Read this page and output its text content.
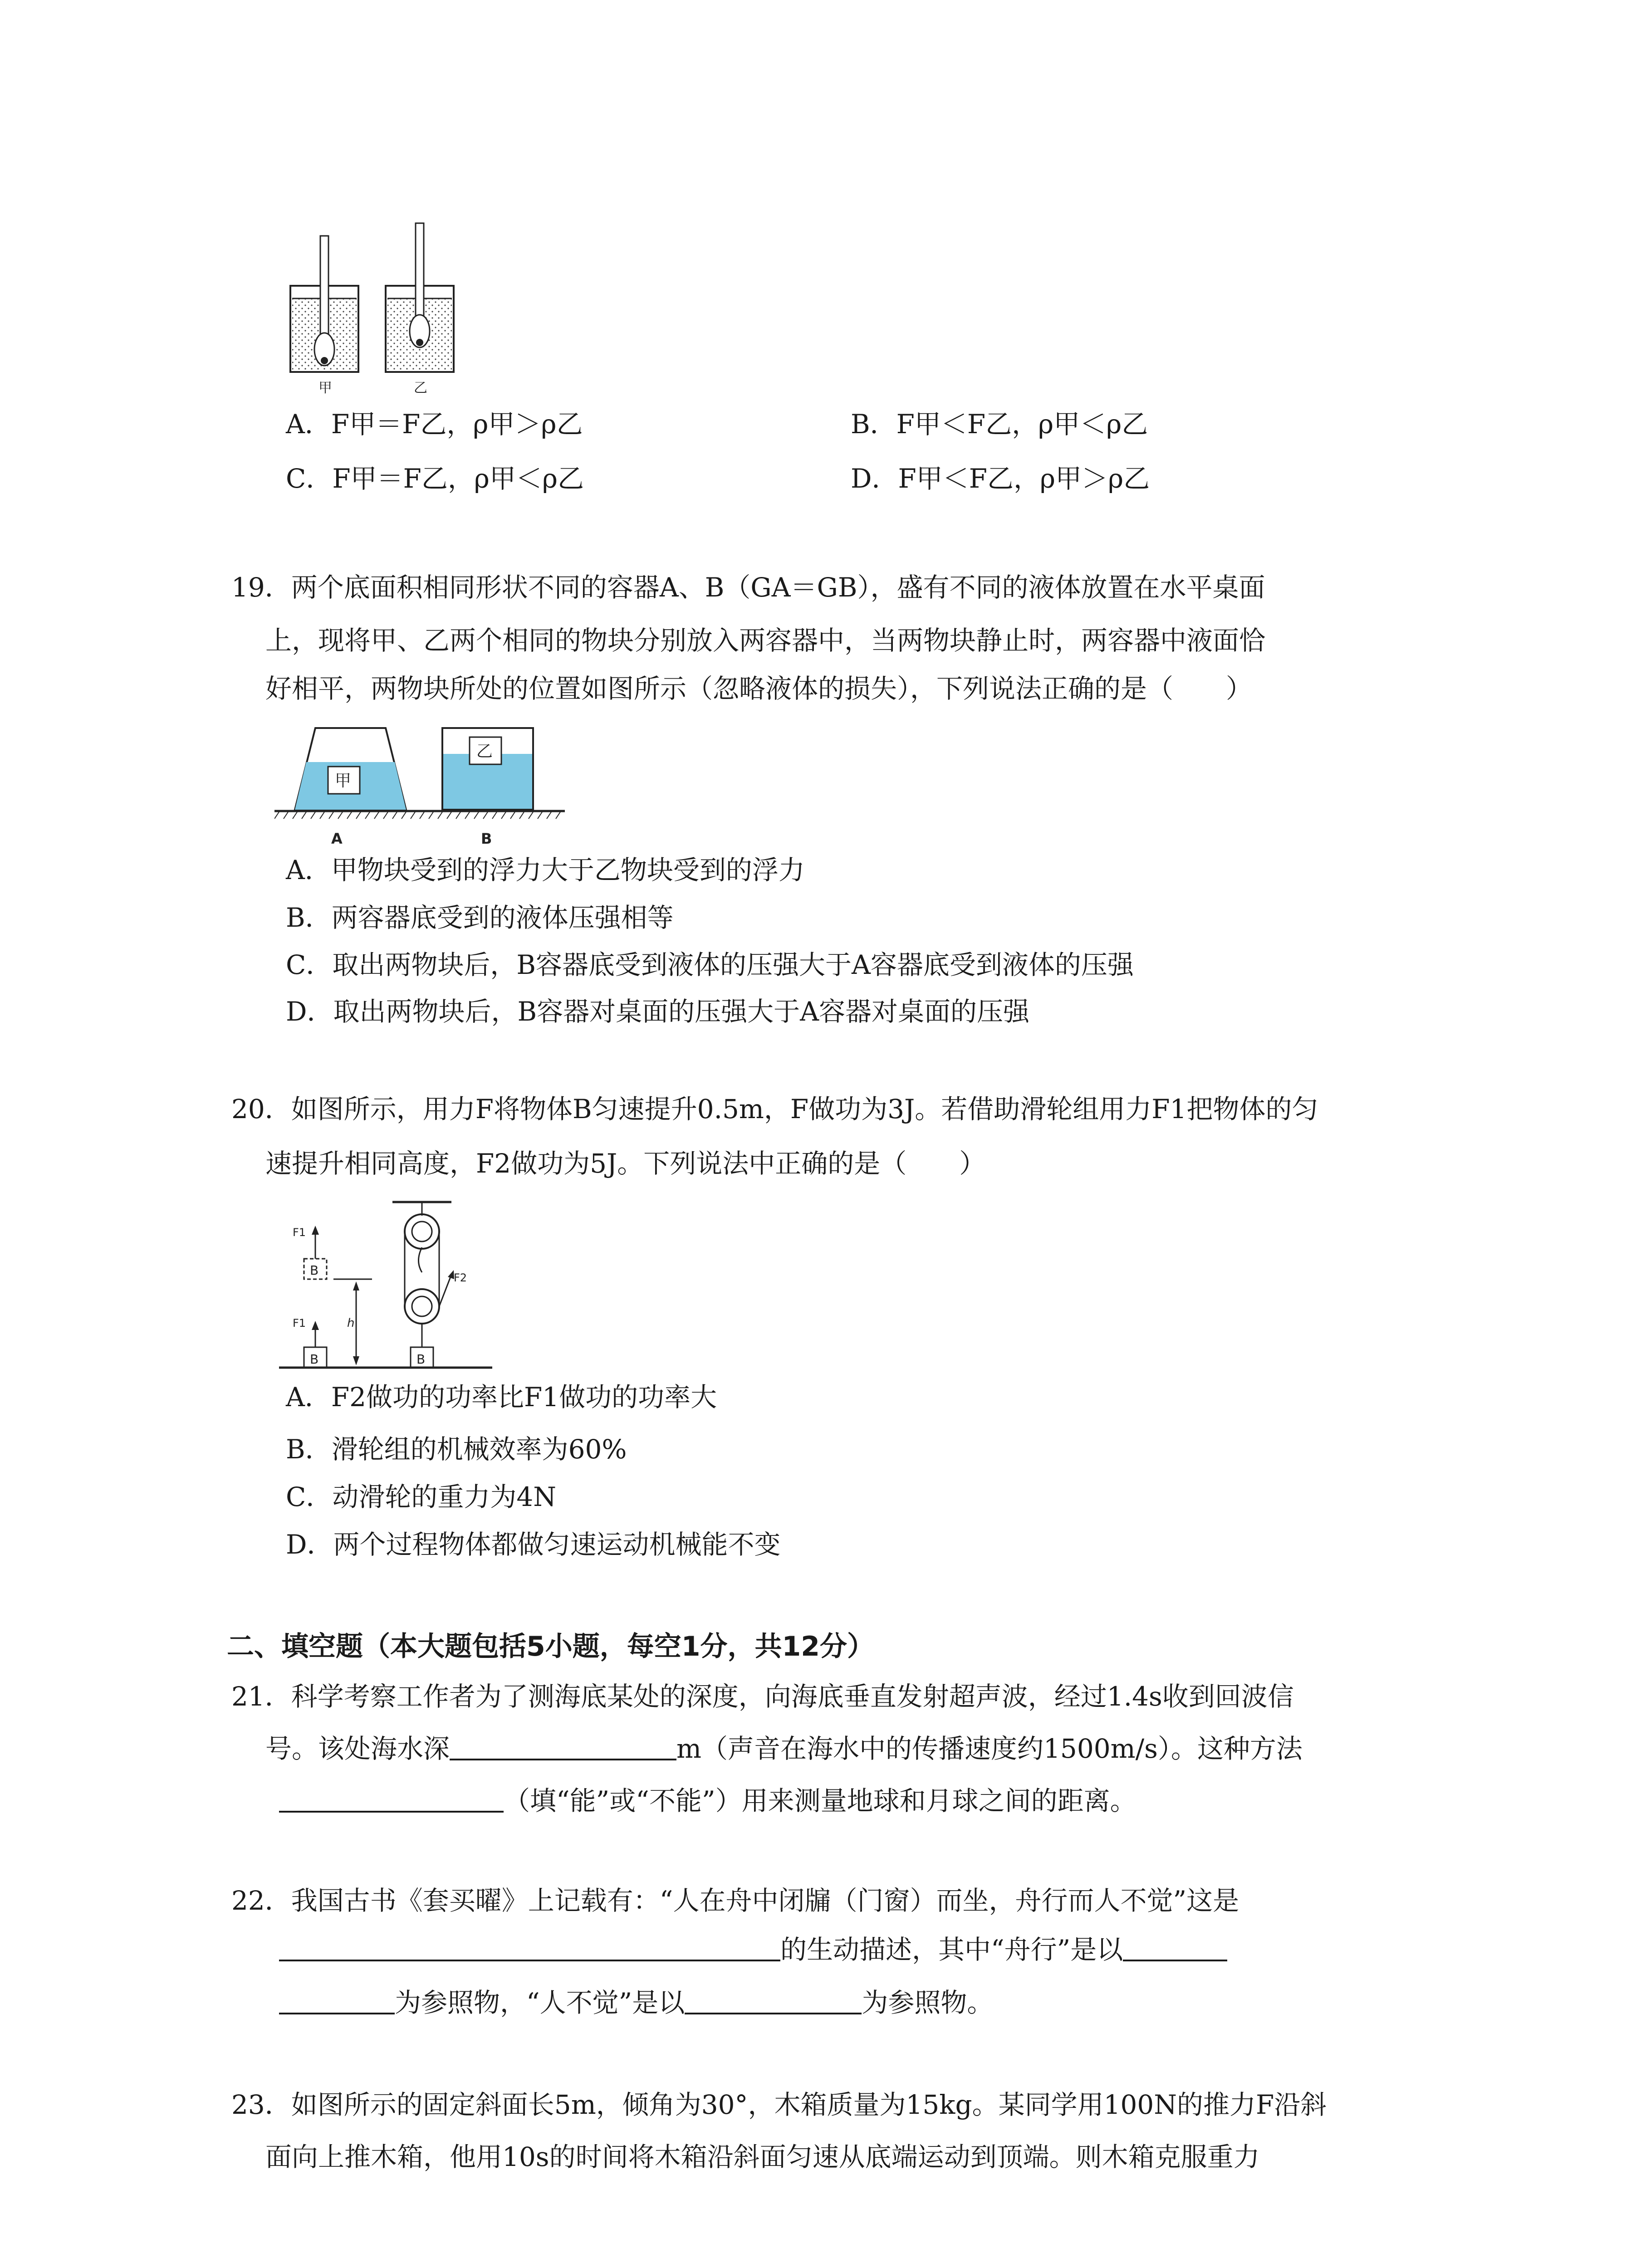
甲	乙
A．F甲＝F乙，ρ甲＞ρ乙	B．F甲＜F乙，ρ甲＜ρ乙
C．F甲＝F乙，ρ甲＜ρ乙	D．F甲＜F乙，ρ甲＞ρ乙
19．两个底面积相同形状不同的容器A、B（GA＝GB），盛有不同的液体放置在水平桌面
上，现将甲、乙两个相同的物块分别放入两容器中，当两物块静止时，两容器中液面恰
好相平，两物块所处的位置如图所示（忽略液体的损失），下列说法正确的是（　　）
甲
乙
A	B
A．甲物块受到的浮力大于乙物块受到的浮力
B．两容器底受到的液体压强相等
C．取出两物块后，B容器底受到液体的压强大于A容器底受到液体的压强
D．取出两物块后，B容器对桌面的压强大于A容器对桌面的压强
20．如图所示，用力F将物体B匀速提升0.5m，F做功为3J。若借助滑轮组用力F1把物体的匀
速提升相同高度，F2做功为5J。下列说法中正确的是（　　）
F1
B
h
F1
B
F2
B
A．F2做功的功率比F1做功的功率大
B．滑轮组的机械效率为60%
C．动滑轮的重力为4N
D．两个过程物体都做匀速运动机械能不变
二、填空题（本大题包括5小题，每空1分，共12分）
21．科学考察工作者为了测海底某处的深度，向海底垂直发射超声波，经过1.4s收到回波信
号。该处海水深	m（声音在海水中的传播速度约1500m/s）。这种方法
（填“能”或“不能”）用来测量地球和月球之间的距离。
22．我国古书《套买曜》上记载有：“人在舟中闭牖（门窗）而坐，舟行而人不觉”这是
的生动描述，其中“舟行”是以
为参照物，“人不觉”是以	为参照物。
23．如图所示的固定斜面长5m，倾角为30°，木箱质量为15kg。某同学用100N的推力F沿斜
面向上推木箱，他用10s的时间将木箱沿斜面匀速从底端运动到顶端。则木箱克服重力
